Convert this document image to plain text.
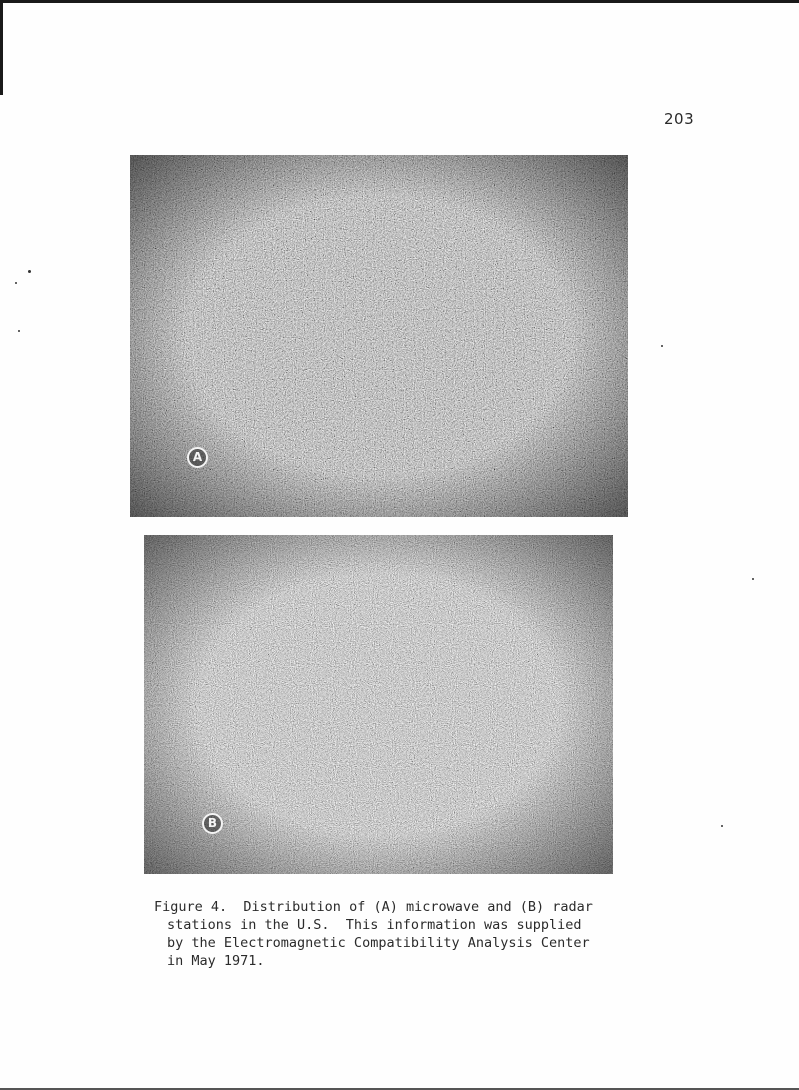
203
A
B
Figure 4.  Distribution of (A) microwave and (B) radar
stations in the U.S.  This information was supplied
by the Electromagnetic Compatibility Analysis Center
in May 1971.
